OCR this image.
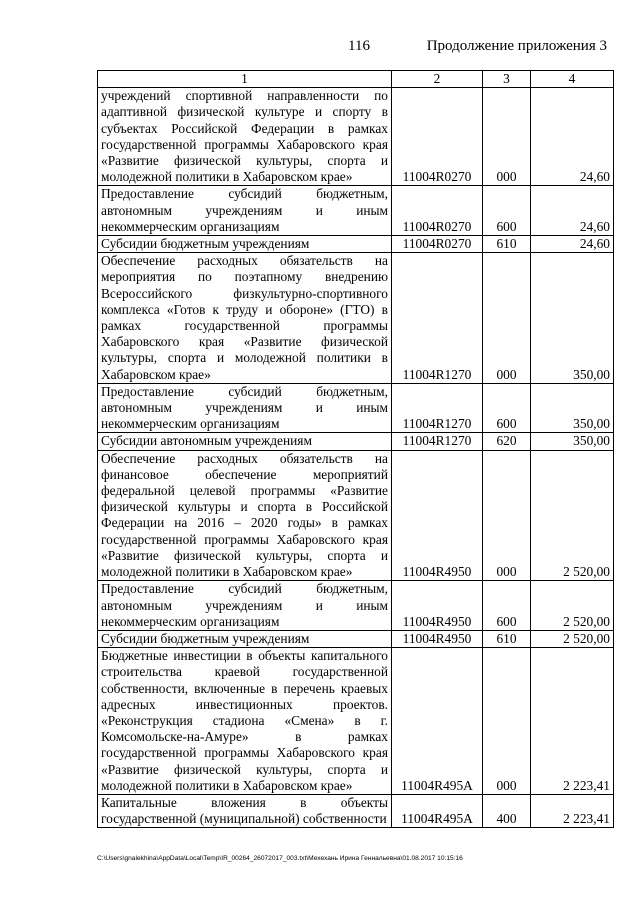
116	Продолжение приложения 3
1	2	3	4
учреждений спортивной направленности по адаптивной физической культуре и спорту в субъектах Российской Федерации в рамках государственной программы Хабаровского края «Развитие физической культуры, спорта и молодежной политики в Хабаровском крае»	11004R0270	000	24,60
Предоставление субсидий бюджетным, автономным учреждениям и иным некоммерческим организациям	11004R0270	600	24,60
Субсидии бюджетным учреждениям	11004R0270	610	24,60
Обеспечение расходных обязательств на мероприятия по поэтапному внедрению Всероссийского физкультурно-спортивного комплекса «Готов к труду и обороне» (ГТО) в рамках государственной программы Хабаровского края «Развитие физической культуры, спорта и молодежной политики в Хабаровском крае»	11004R1270	000	350,00
Предоставление субсидий бюджетным, автономным учреждениям и иным некоммерческим организациям	11004R1270	600	350,00
Субсидии автономным учреждениям	11004R1270	620	350,00
Обеспечение расходных обязательств на финансовое обеспечение мероприятий федеральной целевой программы «Развитие физической культуры и спорта в Российской Федерации на 2016 – 2020 годы» в рамках государственной программы Хабаровского края «Развитие физической культуры, спорта и молодежной политики в Хабаровском крае»	11004R4950	000	2 520,00
Предоставление субсидий бюджетным, автономным учреждениям и иным некоммерческим организациям	11004R4950	600	2 520,00
Субсидии бюджетным учреждениям	11004R4950	610	2 520,00
Бюджетные инвестиции в объекты капитального строительства краевой государственной собственности, включенные в перечень краевых адресных инвестиционных проектов. «Реконструкция стадиона «Смена» в г. Комсомольске-на-Амуре» в рамках государственной программы Хабаровского края «Развитие физической культуры, спорта и молодежной политики в Хабаровском крае»	11004R495A	000	2 223,41
Капитальные вложения в объекты государственной (муниципальной) собственности	11004R495A	400	2 223,41
C:\Users\gnalekhina\AppData\Local\Temp\IR_00264_26072017_003.txt\Мехехань Ирина Геннальевна\01.08.2017 10:15:16
